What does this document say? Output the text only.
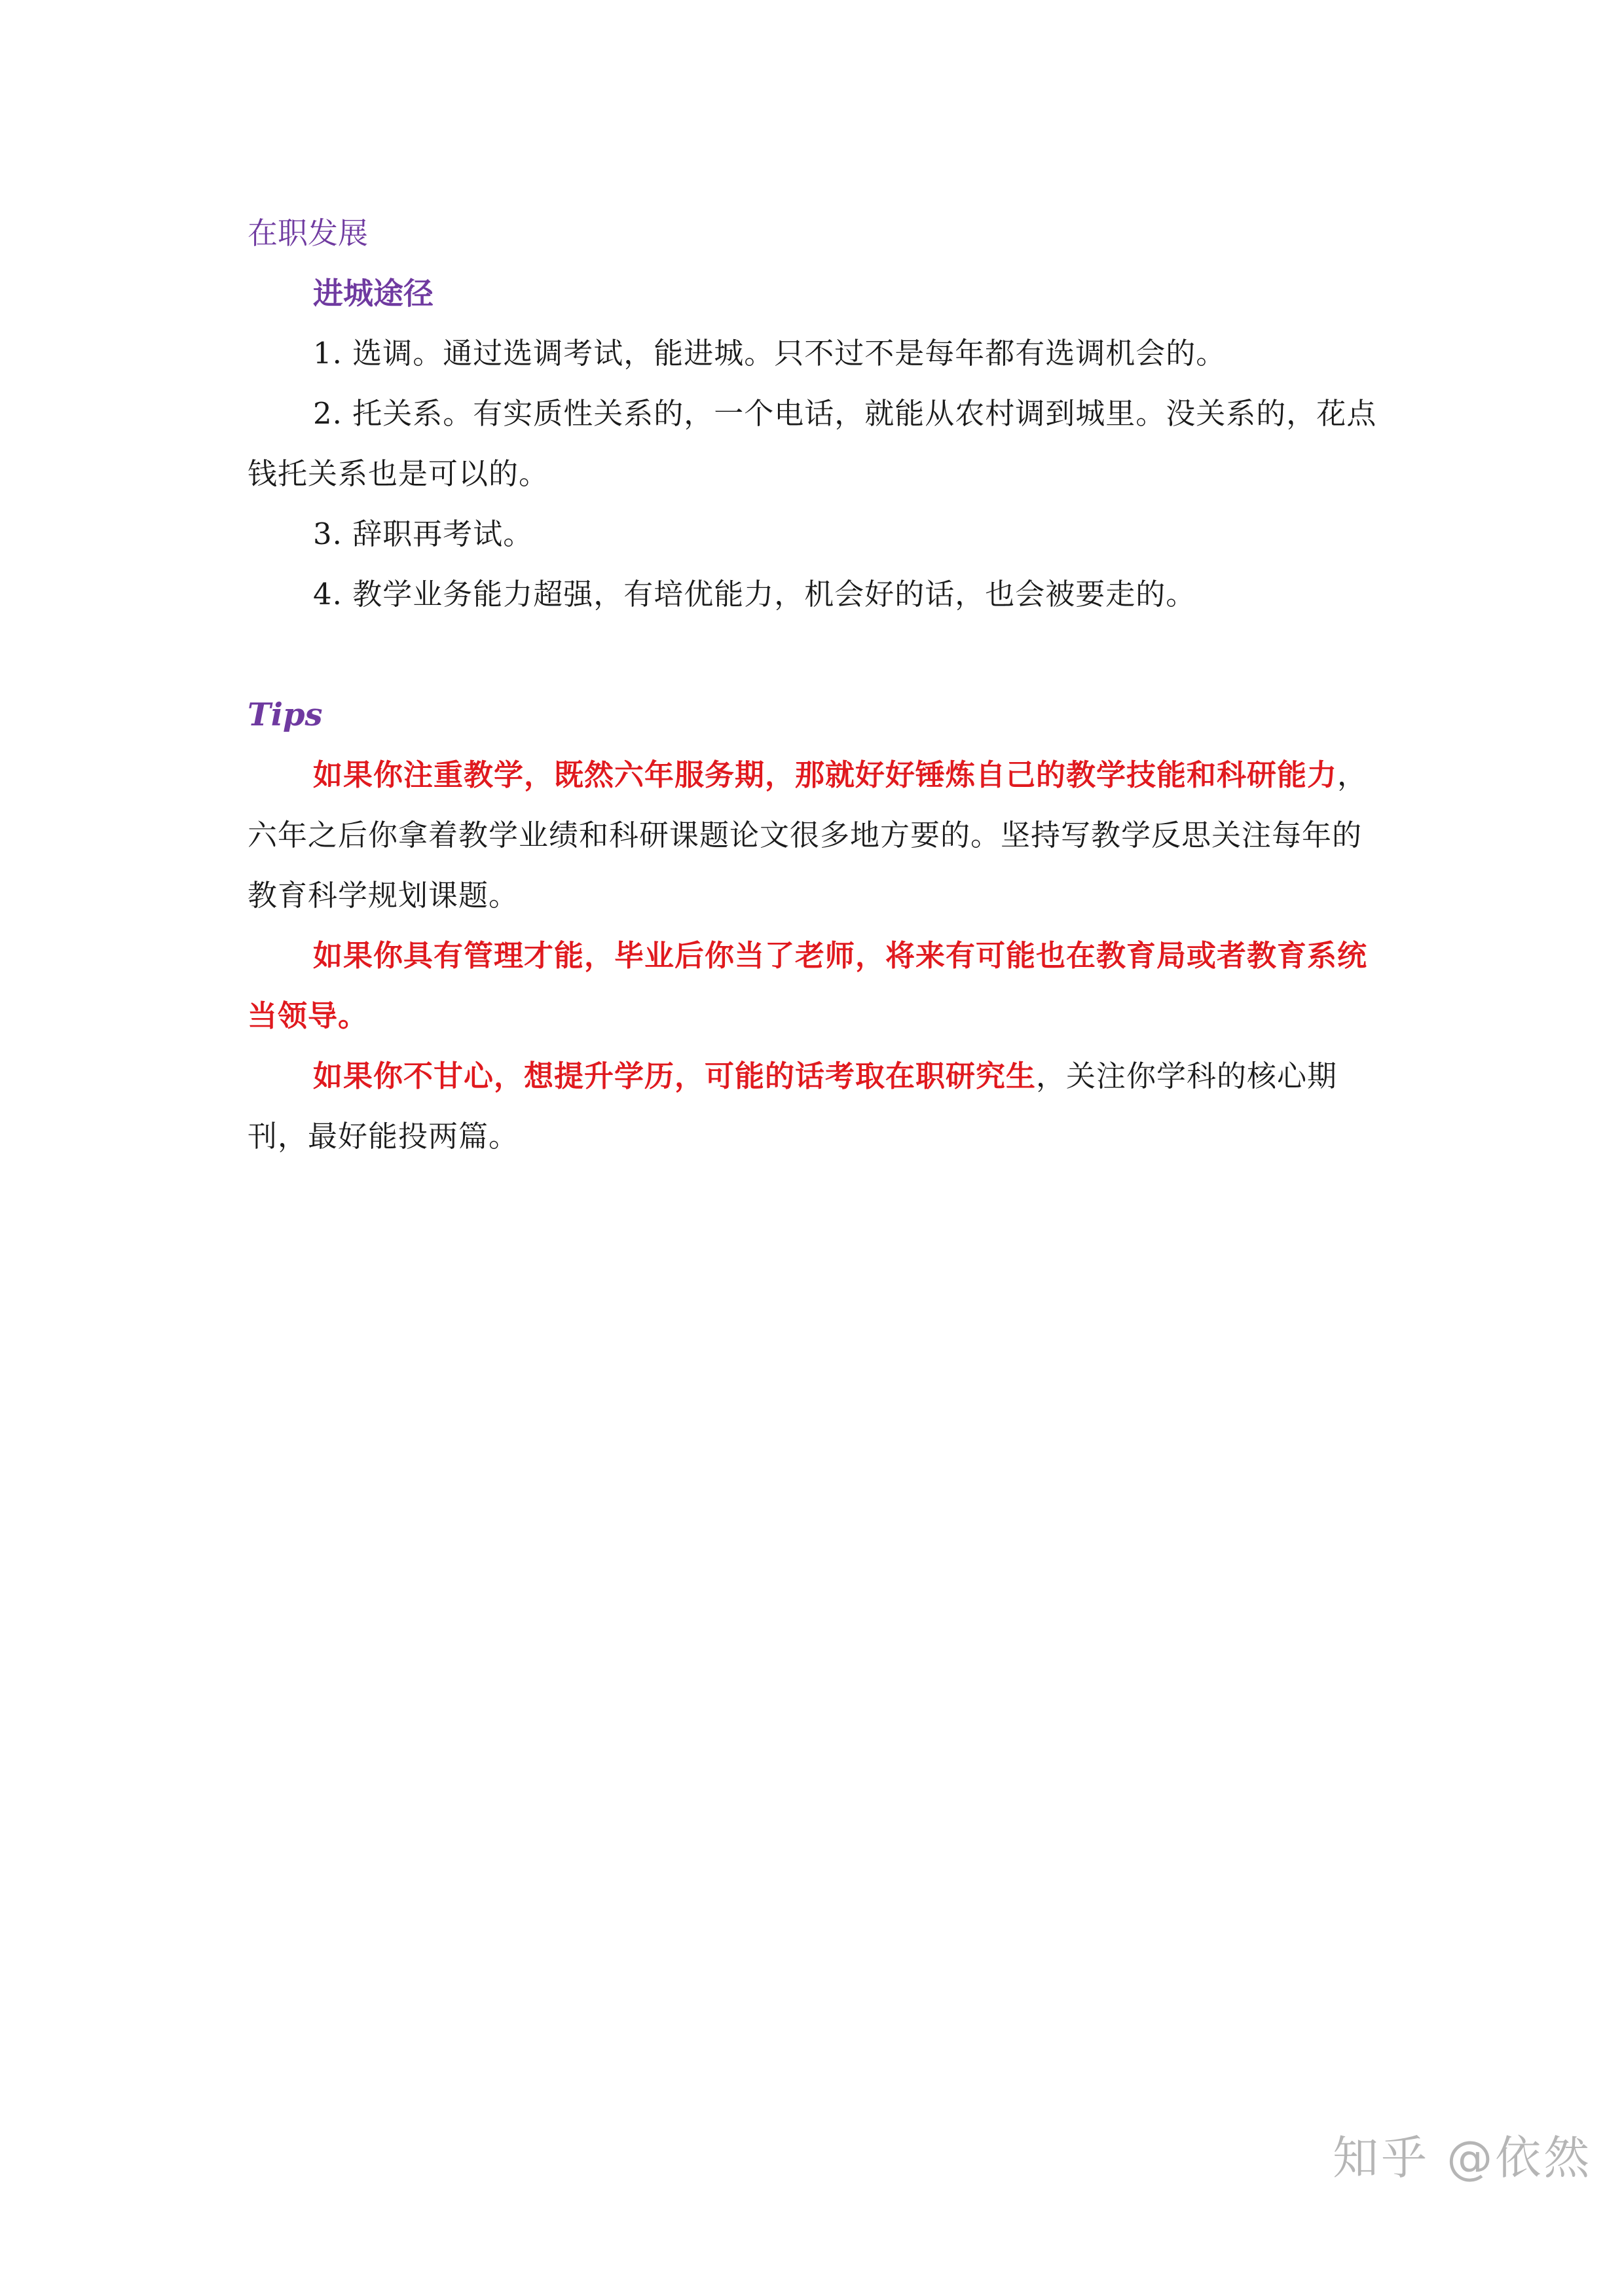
在职发展
进城途径

1. 选调。通过选调考试，能进城。只不过不是每年都有选调机会的。

2. 托关系。有实质性关系的，一个电话，就能从农村调到城里。没关系的，花点钱托关系也是可以的。

3. 辞职再考试。

4. 教学业务能力超强，有培优能力，机会好的话，也会被要走的。

Tips

如果你注重教学，既然六年服务期，那就好好锤炼自己的教学技能和科研能力，六年之后你拿着教学业绩和科研课题论文很多地方要的。坚持写教学反思关注每年的教育科学规划课题。

如果你具有管理才能，毕业后你当了老师，将来有可能也在教育局或者教育系统当领导。

如果你不甘心，想提升学历，可能的话考取在职研究生，关注你学科的核心期刊，最好能投两篇。

知乎 @依然
